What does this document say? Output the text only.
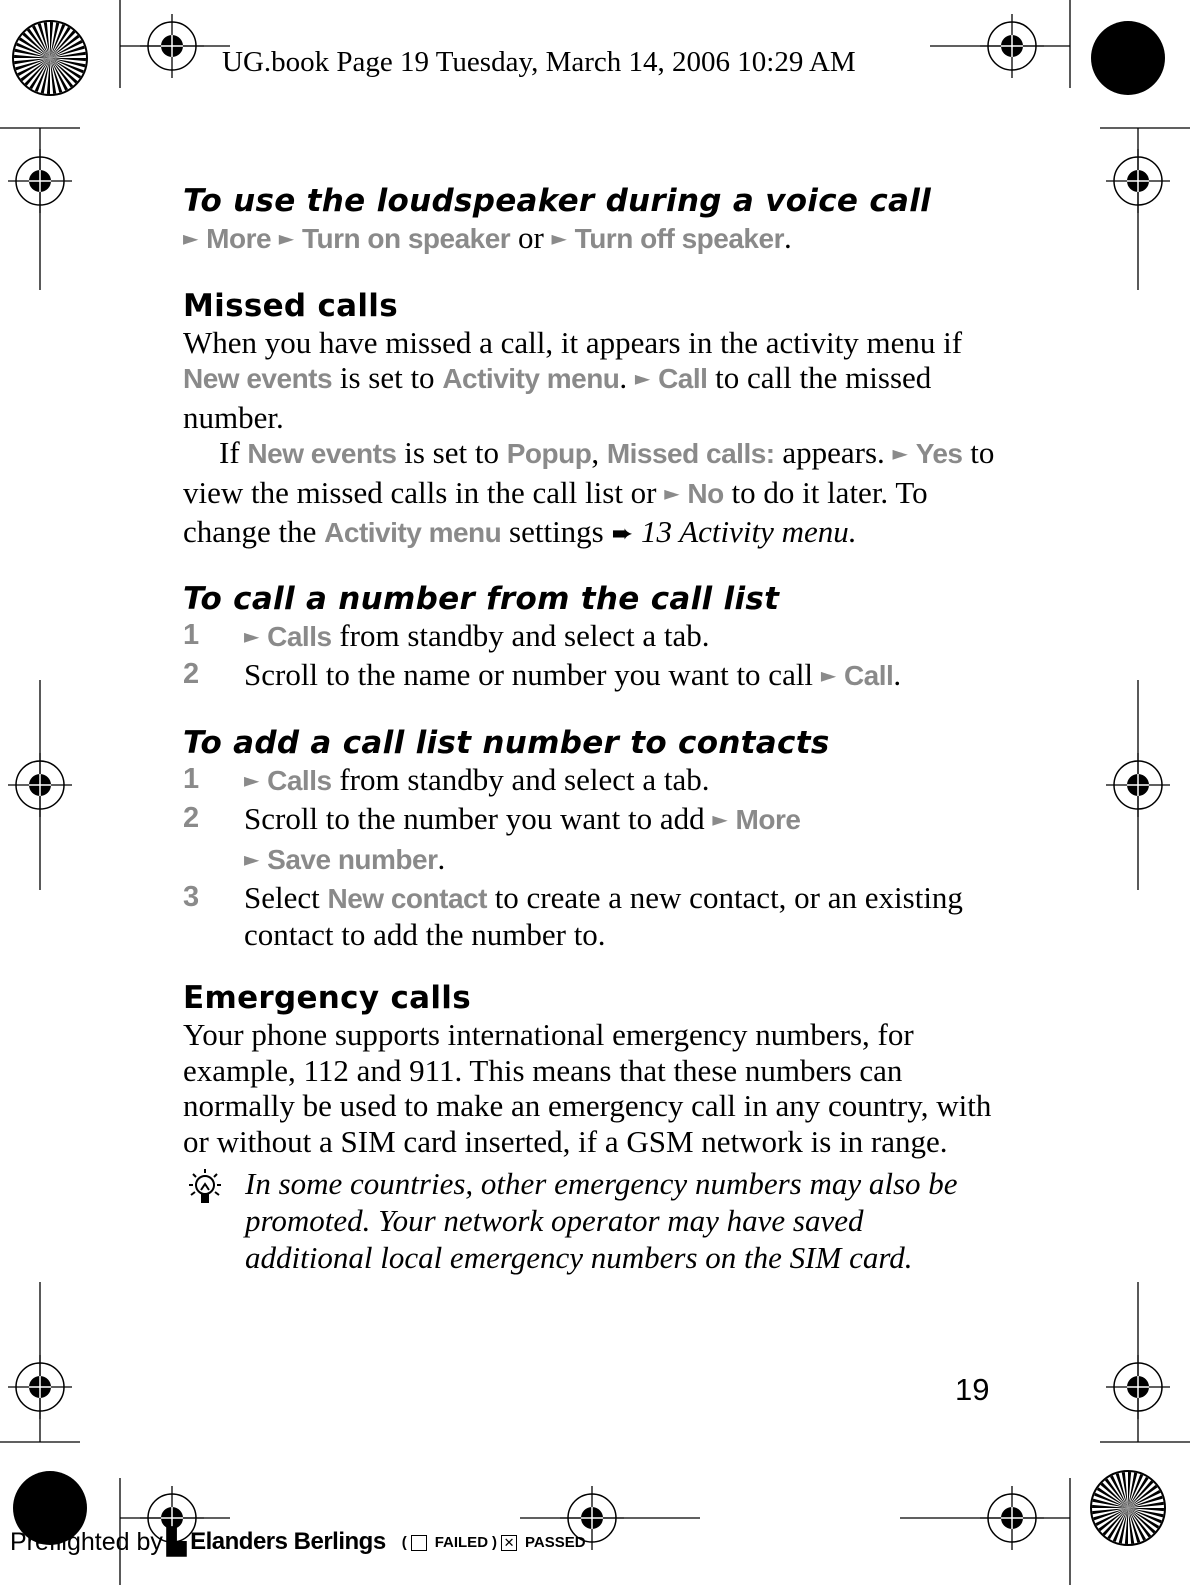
UG.book Page 19 Tuesday, March 14, 2006 10:29 AM
To use the loudspeaker during a voice call

► More ► Turn on speaker or ► Turn off speaker.

Missed calls

When you have missed a call, it appears in the activity menu if New events is set to Activity menu. ► Call to call the missed number.

If New events is set to Popup, Missed calls: appears. ► Yes to view the missed calls in the call list or ► No to do it later. To change the Activity menu settings ➨ 13 Activity menu.

To call a number from the call list
1	► Calls from standby and select a tab.
2	Scroll to the name or number you want to call ► Call.
To add a call list number to contacts
1	► Calls from standby and select a tab.
2	Scroll to the number you want to add ► More
► Save number.
3	Select New contact to create a new contact, or an existing contact to add the number to.
Emergency calls

Your phone supports international emergency numbers, for example, 112 and 911. This means that these numbers can normally be used to make an emergency call in any country, with or without a SIM card inserted, if a GSM network is in range.

In some countries, other emergency numbers may also be promoted. Your network operator may have saved additional local emergency numbers on the SIM card.
19
Preflighted by ▙ Elanders Berlings ( FAILED ) ✕ PASSED
